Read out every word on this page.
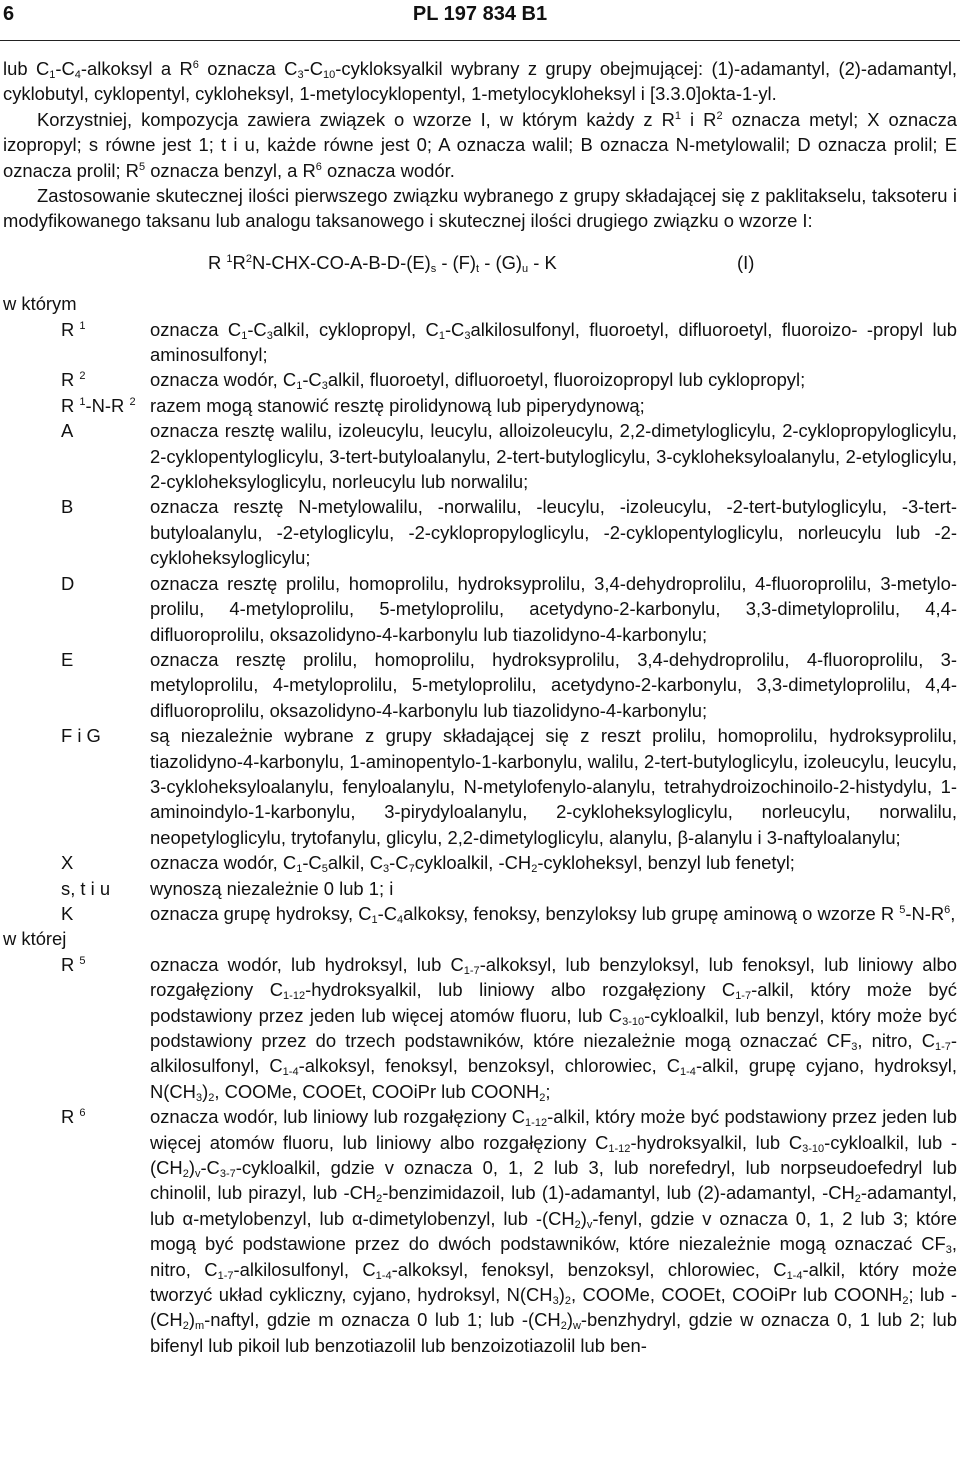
6	PL 197 834 B1

lub $C_1-C_4$-alkoksyl a $R^6$ oznacza $C_3-C_{10}$-cykloksyalkil wybrany z grupy obejmującej: (1)-adamantyl, (2)-adamantyl, cyklobutyl, cyklopentyl, cykloheksyl, 1-metylocyklopentyl, 1-metylocykloheksyl i [3.3.0]okta-1-yl.

Korzystniej, kompozycja zawiera związek o wzorze I, w którym każdy z $R^1$ i $R^2$ oznacza metyl; X oznacza izopropyl; s równe jest 1; t i u, każde równe jest 0; A oznacza walil; B oznacza N-metylowalil; D oznacza prolil; E oznacza prolil; $R^5$ oznacza benzyl, a $R^6$ oznacza wodór.

Zastosowanie skutecznej ilości pierwszego związku wybranego z grupy składającej się z paklitakselu, taksoteru i modyfikowanego taksanu lub analogu taksanowego i skutecznej ilości drugiego związku o wzorze I:

R $^1R^2N-CHX-CO-A-B-D-(E)_s - (F)_t - (G)_u$ - K	(I)

w którym

R $^1$	oznacza $C_1-C_3alkil$, cyklopropyl, $C_1-C_3alkilosulfonyl$, fluoroetyl, difluoroetyl, fluoroizo- -propyl lub aminosulfonyl;
R $^2$	oznacza wodór, $C_1-C_3alkil$, fluoroetyl, difluoroetyl, fluoroizopropyl lub cyklopropyl;
R $^1$-N-R $^2$ razem mogą stanowić resztę pirolidynową lub piperydynową;
A	oznacza resztę walilu, izoleucylu, leucylu, alloizoleucylu, 2,2-dimetyloglicylu, 2-cyklopropyloglicylu, 2-cyklopentyloglicylu, 3-tert-butyloalanylu, 2-tert-butyloglicylu, 3-cykloheksyloalanylu, 2-etyloglicylu, 2-cykloheksyloglicylu, norleucylu lub norwalilu;
B	oznacza resztę N-metylowalilu, -norwalilu, -leucylu, -izoleucylu, -2-tert-butyloglicylu, -3-tert-butyloalanylu, -2-etyloglicylu, -2-cyklopropyloglicylu, -2-cyklopentyloglicylu, norleucylu lub -2-cykloheksyloglicylu;
D	oznacza resztę prolilu, homoprolilu, hydroksyprolilu, 3,4-dehydroprolilu, 4-fluoroprolilu, 3-metylo-prolilu, 4-metyloprolilu, 5-metyloprolilu, acetydyno-2-karbonylu, 3,3-dimetyloprolilu, 4,4-difluoroprolilu, oksazolidyno-4-karbonylu lub tiazolidyno-4-karbonylu;
E	oznacza resztę prolilu, homoprolilu, hydroksyprolilu, 3,4-dehydroprolilu, 4-fluoroprolilu, 3-metyloprolilu, 4-metyloprolilu, 5-metyloprolilu, acetydyno-2-karbonylu, 3,3-dimetyloprolilu, 4,4-difluoroprolilu, oksazolidyno-4-karbonylu lub tiazolidyno-4-karbonylu;
F i G	są niezależnie wybrane z grupy składającej się z reszt prolilu, homoprolilu, hydroksyprolilu, tiazolidyno-4-karbonylu, 1-aminopentylo-1-karbonylu, walilu, 2-tert-butyloglicylu, izoleucylu, leucylu, 3-cykloheksyloalanylu, fenyloalanylu, N-metylofenylo-alanylu, tetrahydroizochinoilo-2-histydylu, 1-aminoindylo-1-karbonylu, 3-pirydyloalanylu, 2-cykloheksyloglicylu, norleucylu, norwalilu, neopetyloglicylu, trytofanylu, glicylu, 2,2-dimetyloglicylu, alanylu, β-alanylu i 3-naftyloalanylu;
X	oznacza wodór, $C_1-C_5alkil$, $C_3-C_7cykloalkil$, $-CH_2$-cykloheksyl, benzyl lub fenetyl;
s, t i u	wynoszą niezależnie 0 lub 1; i
K	oznacza grupę hydroksy, $C_1-C_4alkoksy$, fenoksy, benzyloksy lub grupę aminową o wzorze R $^5-N-R^6$,

w której

R $^5$	oznacza wodór, lub hydroksyl, lub $C_{1-7}$-alkoksyl, lub benzyloksyl, lub fenoksyl, lub liniowy albo rozgałęziony $C_{1-12}$-hydroksyalkil, lub liniowy albo rozgałęziony $C_{1-7}$-alkil, który może być podstawiony przez jeden lub więcej atomów fluoru, lub $C_{3-10}$-cykloalkil, lub benzyl, który może być podstawiony przez do trzech podstawników, które niezależnie mogą oznaczać $CF_3$, nitro, $C_{1-7}$-alkilosulfonyl, $C_{1-4}$-alkoksyl, fenoksyl, benzoksyl, chlorowiec, $C_{1-4}$-alkil, grupę cyjano, hydroksyl, $N(CH_3)_2$, COOMe, COOEt, COOiPr lub $COONH_2$;
R $^6$	oznacza wodór, lub liniowy lub rozgałęziony $C_{1-12}$-alkil, który może być podstawiony przez jeden lub więcej atomów fluoru, lub liniowy albo rozgałęziony $C_{1-12}$-hydroksyalkil, lub $C_{3-10}$-cykloalkil, lub $-(CH_2)_v-C_{3-7}$-cykloalkil, gdzie v oznacza 0, 1, 2 lub 3, lub norefedryl, lub norpseudoefedryl lub chinolil, lub pirazyl, lub $-CH_2$-benzimidazoil, lub (1)-adamantyl, lub (2)-adamantyl, $-CH_2$-adamantyl, lub α-metylobenzyl, lub α-dimetylobenzyl, lub $-(CH_2)_v$-fenyl, gdzie v oznacza 0, 1, 2 lub 3; które mogą być podstawione przez do dwóch podstawników, które niezależnie mogą oznaczać $CF_3$, nitro, $C_{1-7}$-alkilosulfonyl, $C_{1-4}$-alkoksyl, fenoksyl, benzoksyl, chlorowiec, $C_{1-4}$-alkil, który może tworzyć układ cykliczny, cyjano, hydroksyl, $N(CH_3)_2$, COOMe, COOEt, COOiPr lub $COONH_2$; lub $-(CH_2)_m$-naftyl, gdzie m oznacza 0 lub 1; lub $-(CH_2)_w$-benzhydryl, gdzie w oznacza 0, 1 lub 2; lub bifenyl lub pikoil lub benzotiazolil lub benzoizotiazolil lub ben-
